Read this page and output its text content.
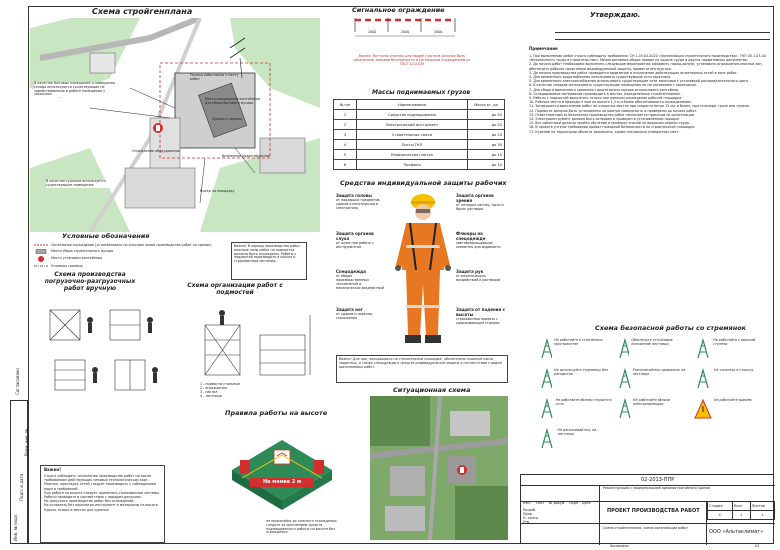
Инв. № подл.
Подп. и дата
Взам. инв. №
Согласовано
Схема стройгенплана
В качестве бытовых помещений и помещения склада используются существующие не задействованные в работе помещения у заказчика
Проход работников к месту работ
Место размещения контейнера для сбора бытового мусора
Проход к зданию
Ограждение оборудование
Временное водоснабжение
В качестве сушилки используется существующее помещение
Въезд на площадку
Условные обозначения
Сигнальное ограждение (устанавливать по опасным зонам производства работ на здании)
Место сбора строительного мусора
Место установки контейнера
Условная граница
Важно! В период производства работ опасные зоны работ на подмостях должны быть ограждены. Работы с подмостей производить в касках и страховочных системах.
Схема производства погрузочно-разгрузочных работ вручную	Схема организации работ с подмостей
1 - подмости стальные
2 - ограждения
3 - настил
4 - лестница
Важно!
Строго соблюдать технологию производства работ согласно требованиям действующих типовых технологических карт.
Монтаж, прокладку сетей следует производить с соблюдением норм и требований.
При работе на высоте следует применять страховочные системы.
Работы проводить в соответствии с нарядом-допуском.
Не допускать производство работ без ограждений.
Не оставлять без присмотра инструмент и материалы на высоте.
Курить только в местах для курения.
Сигнальное ограждение
2000	2000	2000
Важно! Все зоны опасных для людей участков должны быть обозначены знаками безопасности и сигнальным ограждением по ГОСТ 12.4.026
Массы поднимаемых грузов
№ п/п	Наименование	Масса кг, до
1	Средства подмащивания	до 50
2	Электрический инструмент	до 20
3	Строительные смеси	до 25
4	Листы ГКЛ	до 30
5	Керамическая плитка	до 15
6	Профиля	до 10
Средства индивидуальной защиты рабочих
Защита головы
от падающих предметов, ударов о конструкции и электротока
Защита органов слуха
от шума при работе с инструментом
Спецодежда
от общих производственных загрязнений и механических воздействий
Защита ног
от ударов и порезов, скольжения
Защита органов зрения
от летящих частиц, пыли и брызг раствора
Флюоры на спецодежде
световозвращающие элементы для видимости
Защита рук
от механических воздействий и растворов
Защита от падения с высоты
страховочная привязь с удерживающим стропом
Важно! Для лиц, находящихся на строительной площадке, обязательно ношение касок защитных, а также спецодежды и средств индивидуальной защиты в соответствии с видом выполняемых работ.
Правила работы на высоте
Не менее 2 м
не прикасайся до опасного ограждения; следите за креплением средств подмащивания и работы на высоте без ограждения
Ситуационная схема
Утверждаю.
Примечание
1. При выполнении работ строго соблюдать требования: СН 1.03.04-2020 «Организация строительного производства», ТКП 45-1.03-40 «Безопасность труда в строительстве», Межотраслевых общих правил по охране труда и других нормативных документов.
2. До начала работ необходимо выполнить следующие мероприятия: оформить наряд-допуск, установить ограждения опасных зон, обеспечить рабочих средствами индивидуальной защиты, провести инструктаж.
3. До начала производства работ проводится выявление и отключение действующих инженерных сетей в зоне работ.
4. Для временного водоснабжения использовать существующие сети заказчика.
5. Для временного электроснабжения использовать существующие сети заказчика с установкой распределительного щита.
6. В качестве складов использовать существующие помещения по согласованию с заказчиком.
7. Для сбора и временного хранения строительного мусора использовать контейнер.
8. Складирование материалов производить в местах, определенных стройгенпланом.
9. Работы с подмостей выполнять только при наличии ограждения рабочей площадки.
10. Рабочие места и проходы к ним на высоте 1,3 м и более обеспечиваются ограждениями.
11. Запрещается выполнение работ на открытых местах при скорости ветра 15 м/с и более, при гололеде, грозе или тумане.
12. Подмости должны быть установлены на ровную поверхность и проверены до начала работ.
13. Ответственный за безопасное производство работ назначается приказом по организации.
14. Электроинструмент должен быть исправен и проверен в установленном порядке.
15. Все работники должны пройти обучение и проверку знаний по вопросам охраны труда.
16. В проекте учтены требования правил пожарной безопасности на строительной площадке.
17. Курение на территории объекта запрещено, кроме специально отведенных мест.
Схема безопасной работы со стремянок
Не работайте в стеснённом пространстве
Обеспечьте устойчивое положение лестницы
Не работайте с верхней ступени
Не используйте стремянку без раскрытия
Располагайтесь правильно на лестнице
Не тянитесь в сторону
Не работайте вблизи открытого огня
Не работайте вблизи электропроводки
Не работайте вдвоём
Не раскачивайтесь на лестнице
02-2013-ППР
Реконструкция с модернизацией административного здания
ПРОЕКТ ПРОИЗВОДСТВА РАБОТ
Изм. Лист № докум. Подп. Дата
Разраб.
Пров.
Н. контр.
Утв.
Стадия	Лист	Листов
С	1	1
Схема стройгенплана, схема организации работ
ООО «Альтаклимат»
Копировал	А3
